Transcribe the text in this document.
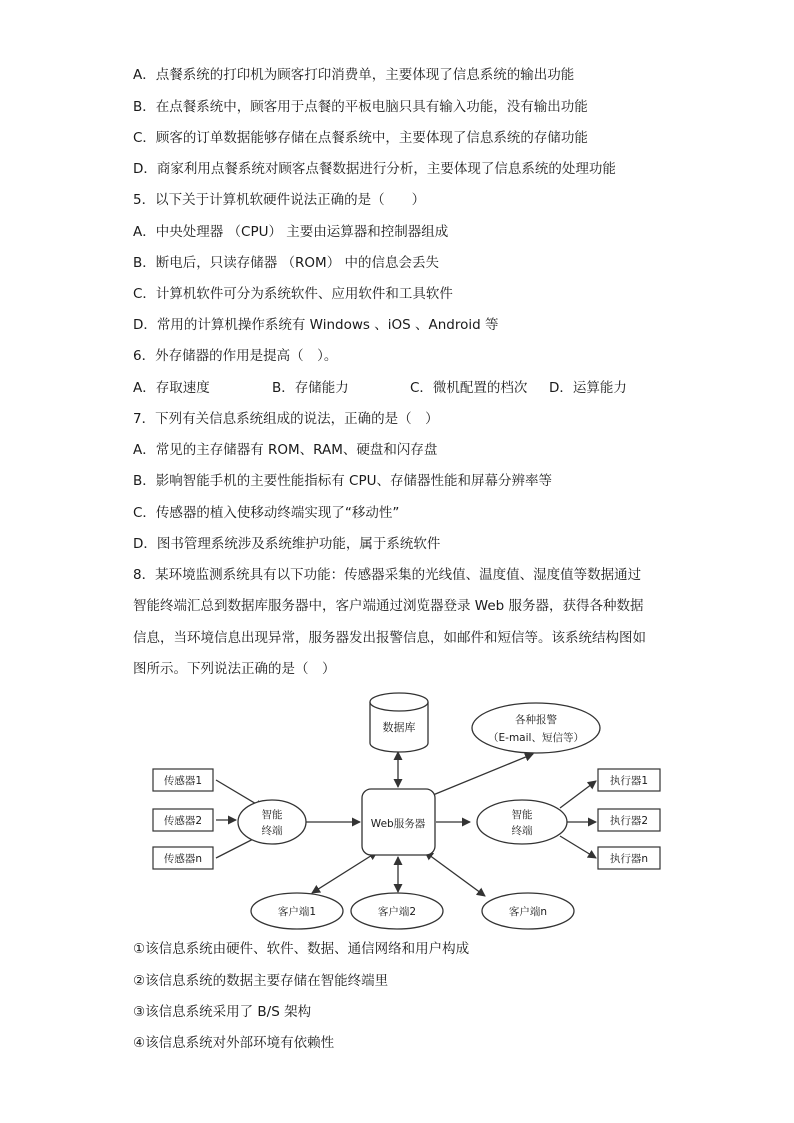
A．点餐系统的打印机为顾客打印消费单，主要体现了信息系统的输出功能
B．在点餐系统中，顾客用于点餐的平板电脑只具有输入功能，没有输出功能
C．顾客的订单数据能够存储在点餐系统中，主要体现了信息系统的存储功能
D．商家利用点餐系统对顾客点餐数据进行分析，主要体现了信息系统的处理功能
5．以下关于计算机软硬件说法正确的是（　　）
A．中央处理器 （CPU） 主要由运算器和控制器组成
B．断电后，只读存储器 （ROM） 中的信息会丢失
C．计算机软件可分为系统软件、应用软件和工具软件
D．常用的计算机操作系统有 Windows 、iOS 、Android 等
6．外存储器的作用是提高（　）。
A．存取速度	B．存储能力	C．微机配置的档次 D．运算能力
7．下列有关信息系统组成的说法，正确的是（　）
A．常见的主存储器有 ROM、RAM、硬盘和闪存盘
B．影响智能手机的主要性能指标有 CPU、存储器性能和屏幕分辨率等
C．传感器的植入使移动终端实现了“移动性”
D．图书管理系统涉及系统维护功能，属于系统软件
8．某环境监测系统具有以下功能：传感器采集的光线值、温度值、湿度值等数据通过
智能终端汇总到数据库服务器中，客户端通过浏览器登录 Web 服务器，获得各种数据
信息，当环境信息出现异常，服务器发出报警信息，如邮件和短信等。该系统结构图如
图所示。下列说法正确的是（　）
数据库
各种报警
（E-mail、短信等）
传感器1
传感器2
传感器n
智能
终端
Web服务器
智能
终端
执行器1
执行器2
执行器n
客户端1	客户端2	客户端n
①该信息系统由硬件、软件、数据、通信网络和用户构成
②该信息系统的数据主要存储在智能终端里
③该信息系统采用了 B/S 架构
④该信息系统对外部环境有依赖性
